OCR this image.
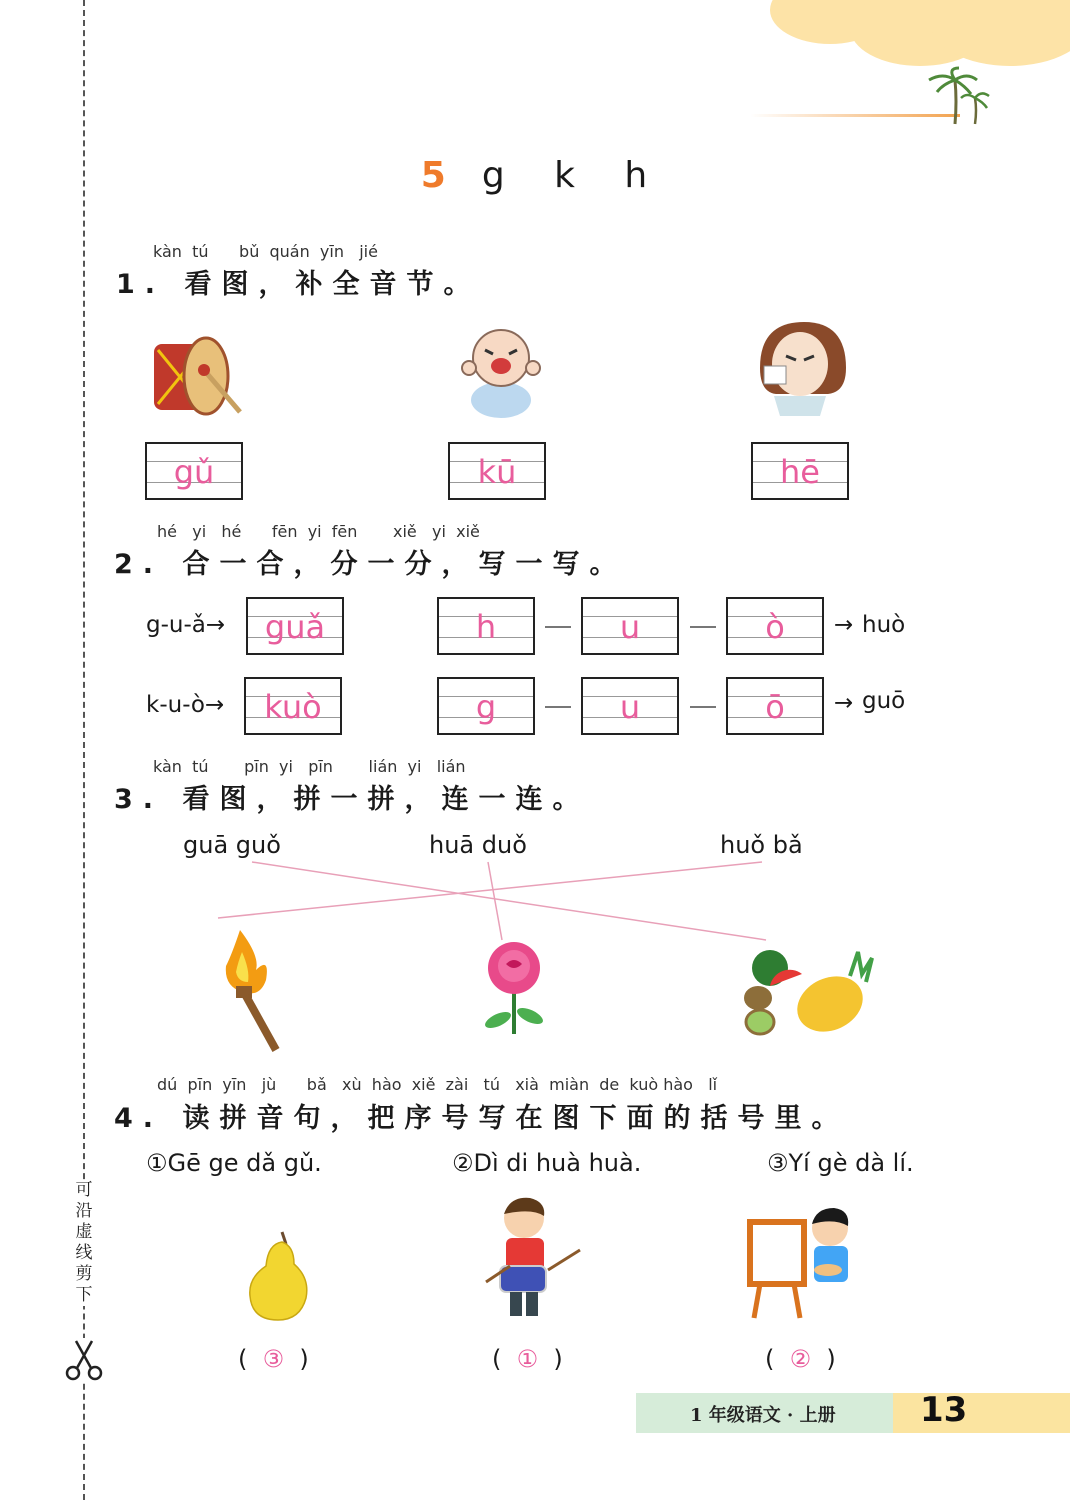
可沿虚线剪下
5 g k h
kàn  tú      bǔ  quán  yīn   jié
1. 看图，补全音节。
gǔ	kū	hē
hé   yi   hé      fēn  yi  fēn       xiě   yi  xiě
2. 合一合，分一分，写一写。
g-u-ǎ→	guǎ	h	u	ò	→ huò
k-u-ò→	kuò	g	u	ō	→ guō
kàn  tú       pīn  yi   pīn       lián  yi   lián
3. 看图，拼一拼，连一连。
guā guǒ	huā duǒ	huǒ bǎ
dú  pīn  yīn   jù      bǎ   xù  hào  xiě  zài   tú   xià  miàn  de  kuò hào   lǐ
4. 读拼音句，把序号写在图下面的括号里。
①Gē ge dǎ gǔ.	②Dì di huà huà.	③Yí gè dà lí.
(  ③  )	(  ①  )	(  ②  )
1 年级语文 · 上册 13
